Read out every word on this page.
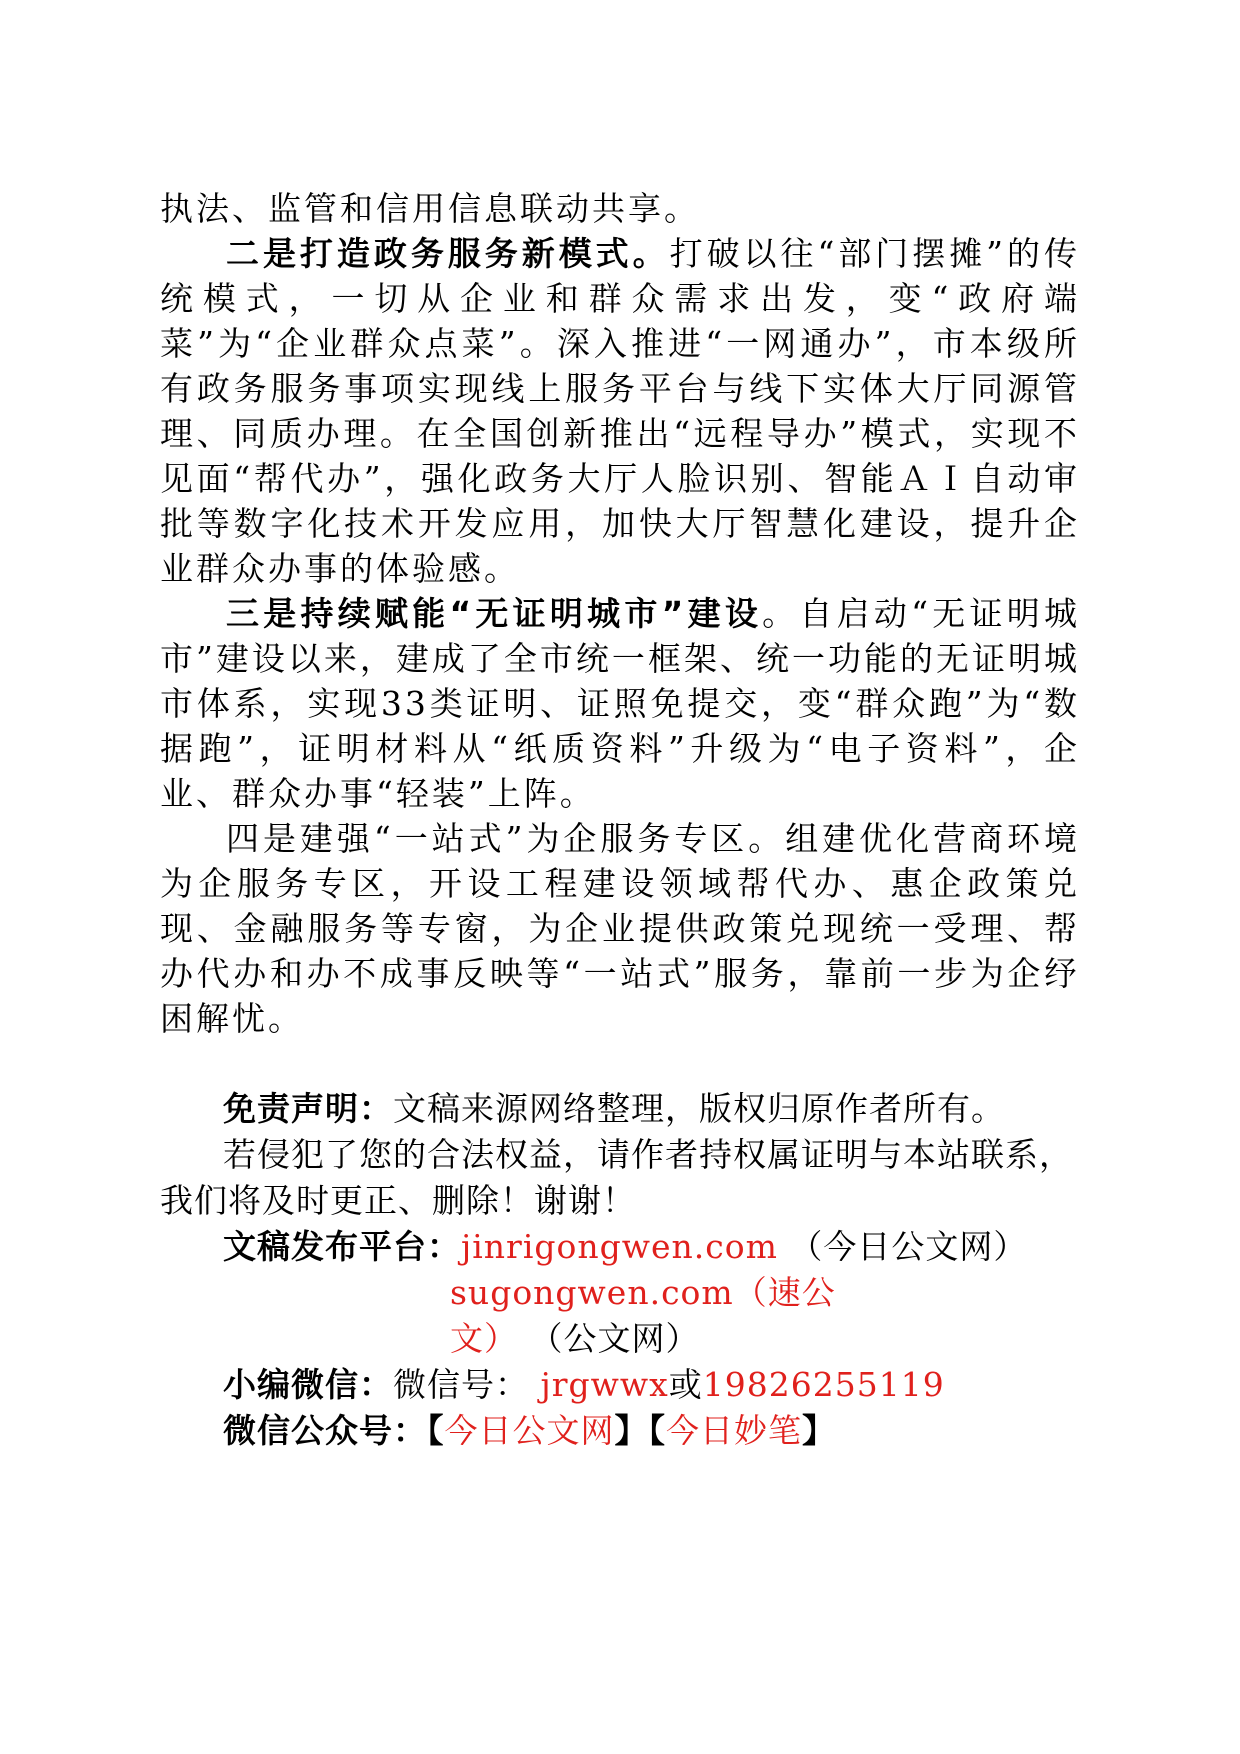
执法、监管和信用信息联动共享。

二是打造政务服务新模式。打破以往“部门摆摊”的传统模式，一切从企业和群众需求出发，变“政府端菜”为“企业群众点菜”。深入推进“一网通办”，市本级所有政务服务事项实现线上服务平台与线下实体大厅同源管理、同质办理。在全国创新推出“远程导办”模式，实现不见面“帮代办”，强化政务大厅人脸识别、智能ＡＩ自动审批等数字化技术开发应用，加快大厅智慧化建设，提升企业群众办事的体验感。

三是持续赋能“无证明城市”建设。自启动“无证明城市”建设以来，建成了全市统一框架、统一功能的无证明城市体系，实现33类证明、证照免提交，变“群众跑”为“数据跑”，证明材料从“纸质资料”升级为“电子资料”，企业、群众办事“轻装”上阵。

四是建强“一站式”为企服务专区。组建优化营商环境为企服务专区，开设工程建设领域帮代办、惠企政策兑现、金融服务等专窗，为企业提供政策兑现统一受理、帮办代办和办不成事反映等“一站式”服务，靠前一步为企纾困解忧。

免责声明：文稿来源网络整理，版权归原作者所有。

若侵犯了您的合法权益，请作者持权属证明与本站联系，我们将及时更正、删除！谢谢！

文稿发布平台：jinrigongwen.com （今日公文网）

sugongwen.com（速公文） （公文网）

小编微信：微信号： jrgwwx或19826255119

微信公众号：【今日公文网】【今日妙笔】
